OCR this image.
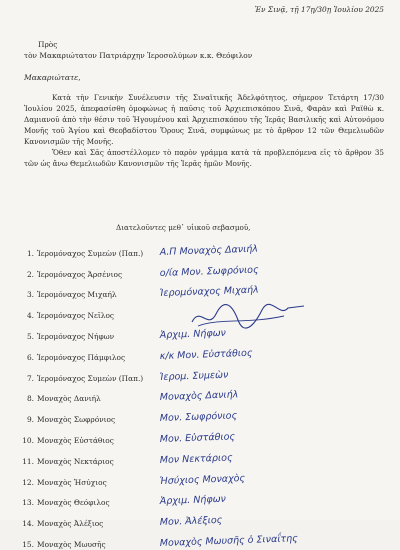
Ἐν Σινᾷ, τῇ 17ῃ/30ῃ Ἰουλίου 2025
Πρὸς
τὸν Μακαριώτατον Πατριάρχην Ἱεροσολύμων κ.κ. Θεόφιλον
Μακαριώτατε,

Κατὰ τὴν Γενικὴν Συνέλευσιν τῆς Σιναϊτικῆς Ἀδελφότητος, σήμερον Τετάρτη 17/30 Ἰουλίου 2025, ἀπεφασίσθη ὁμοφώνως ἡ παῦσις τοῦ Ἀρχιεπισκόπου Σινᾶ, Φαρὰν καὶ Ραϊθὼ κ. Δαμιανοῦ ἀπὸ τὴν θέσιν τοῦ Ἡγουμένου καὶ Ἀρχιεπισκόπου τῆς Ἱερᾶς Βασιλικῆς καὶ Αὐτονόμου Μονῆς τοῦ Ἁγίου καὶ Θεοβαδίστου Ὄρους Σινᾶ, συμφώνως με τὸ ἄρθρον 12 τῶν Θεμελιωδῶν Κανονισμῶν τῆς Μονῆς.

Ὅθεν καὶ Σᾶς ἀποστέλλομεν τὸ παρὸν γράμμα κατὰ τὰ προβλεπόμενα εἰς τὸ ἄρθρον 35 τῶν ὡς ἄνω Θεμελιωδῶν Κανονισμῶν τῆς Ἱερᾶς ἡμῶν Μονῆς.

Διατελοῦντες μεθ᾽ υἱικοῦ σεβασμοῦ,
1. Ἱερομόναχος Συμεὼν (Παπ.)	Α.Π Μοναχὸς Δανιήλ
2. Ἱερομόναχος Ἀρσένιος	ο/ία Μον. Σωφρόνιος
3. Ἱερομόναχος Μιχαήλ	Ἱερομόναχος Μιχαήλ
4. Ἱερομόναχος Νεῖλος
5. Ἱερομόναχος Νήφων	Ἀρχιμ. Νήφων
6. Ἱερομόναχος Πάμφιλος	κ/κ Μον. Εὐστάθιος
7. Ἱερομόναχος Συμεὼν (Παπ.)	Ἱερομ. Συμεὼν
8. Μοναχὸς Δανιήλ	Μοναχὸς Δανιήλ
9. Μοναχὸς Σωφρόνιος	Μον. Σωφρόνιος
10. Μοναχὸς Εὐστάθιος	Μον. Εὐστάθιος
11. Μοναχὸς Νεκτάριος	Μον Νεκτάριος
12. Μοναχὸς Ἡσύχιος	Ἡσύχιος Μοναχὸς
13. Μοναχὸς Θεόφιλος	Ἀρχιμ. Νήφων
14. Μοναχὸς Ἀλέξιος	Μον. Ἀλέξιος
15. Μοναχὸς Μωυσῆς	Μοναχὸς Μωυσῆς ὁ Σιναΐτης
